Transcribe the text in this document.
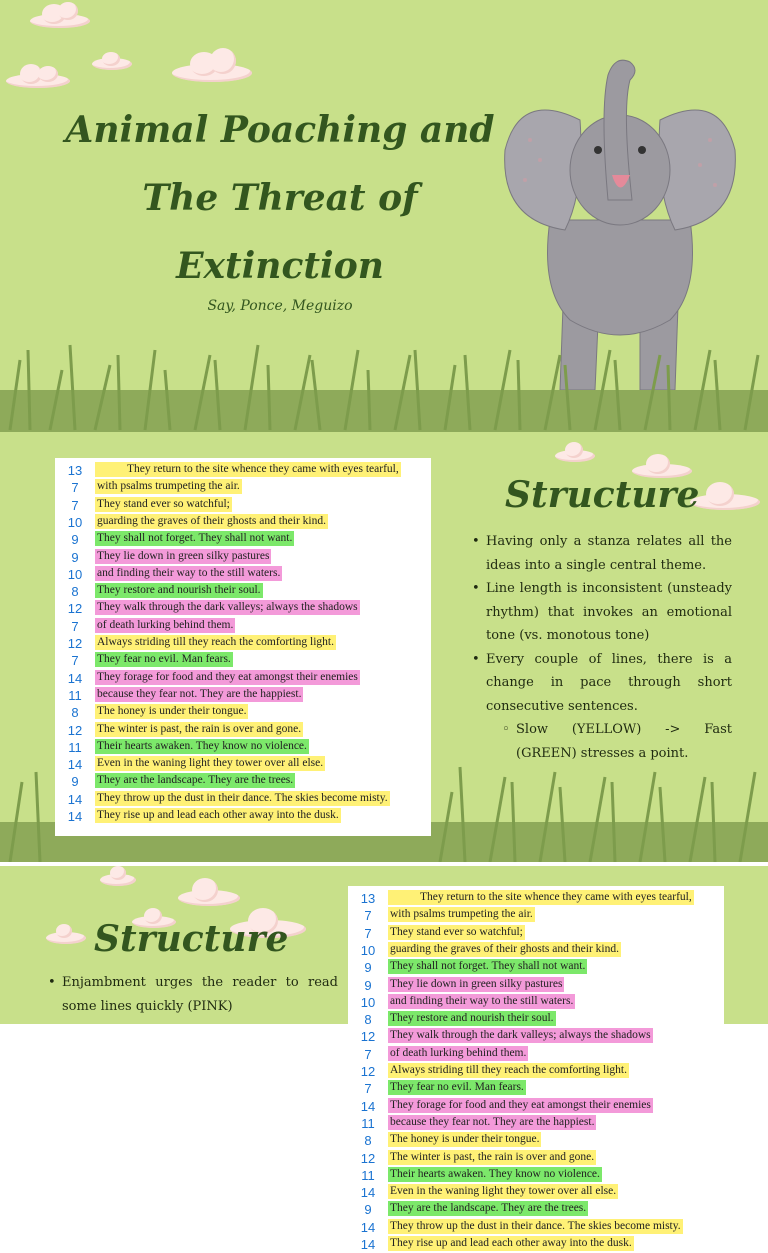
Animal Poaching and
The Threat of
Extinction
Say, Ponce, Meguizo
13	They return to the site whence they came with eyes tearful,
7	with psalms trumpeting the air.
7	They stand ever so watchful;
10	guarding the graves of their ghosts and their kind.
9	They shall not forget. They shall not want.
9	They lie down in green silky pastures
10	and finding their way to the still waters.
8	They restore and nourish their soul.
12	They walk through the dark valleys; always the shadows
7	of death lurking behind them.
12	Always striding till they reach the comforting light.
7	They fear no evil. Man fears.
14	They forage for food and they eat amongst their enemies
11	because they fear not. They are the happiest.
8	The honey is under their tongue.
12	The winter is past, the rain is over and gone.
11	Their hearts awaken. They know no violence.
14	Even in the waning light they tower over all else.
9	They are the landscape. They are the trees.
14	They throw up the dust in their dance. The skies become misty.
14	They rise up and lead each other away into the dusk.
Structure
• Having only a stanza relates all the ideas into a single central theme.
• Line length is inconsistent (unsteady rhythm) that invokes an emotional tone (vs. monotous tone)
• Every couple of lines, there is a change in pace through short consecutive sentences.
◦ Slow (YELLOW) -> Fast (GREEN) stresses a point.
Structure
• Enjambment urges the reader to read some lines quickly (PINK)
13	They return to the site whence they came with eyes tearful,
7	with psalms trumpeting the air.
7	They stand ever so watchful;
10	guarding the graves of their ghosts and their kind.
9	They shall not forget. They shall not want.
9	They lie down in green silky pastures
10	and finding their way to the still waters.
8	They restore and nourish their soul.
12	They walk through the dark valleys; always the shadows
7	of death lurking behind them.
12	Always striding till they reach the comforting light.
7	They fear no evil. Man fears.
14	They forage for food and they eat amongst their enemies
11	because they fear not. They are the happiest.
8	The honey is under their tongue.
12	The winter is past, the rain is over and gone.
11	Their hearts awaken. They know no violence.
14	Even in the waning light they tower over all else.
9	They are the landscape. They are the trees.
14	They throw up the dust in their dance. The skies become misty.
14	They rise up and lead each other away into the dusk.
